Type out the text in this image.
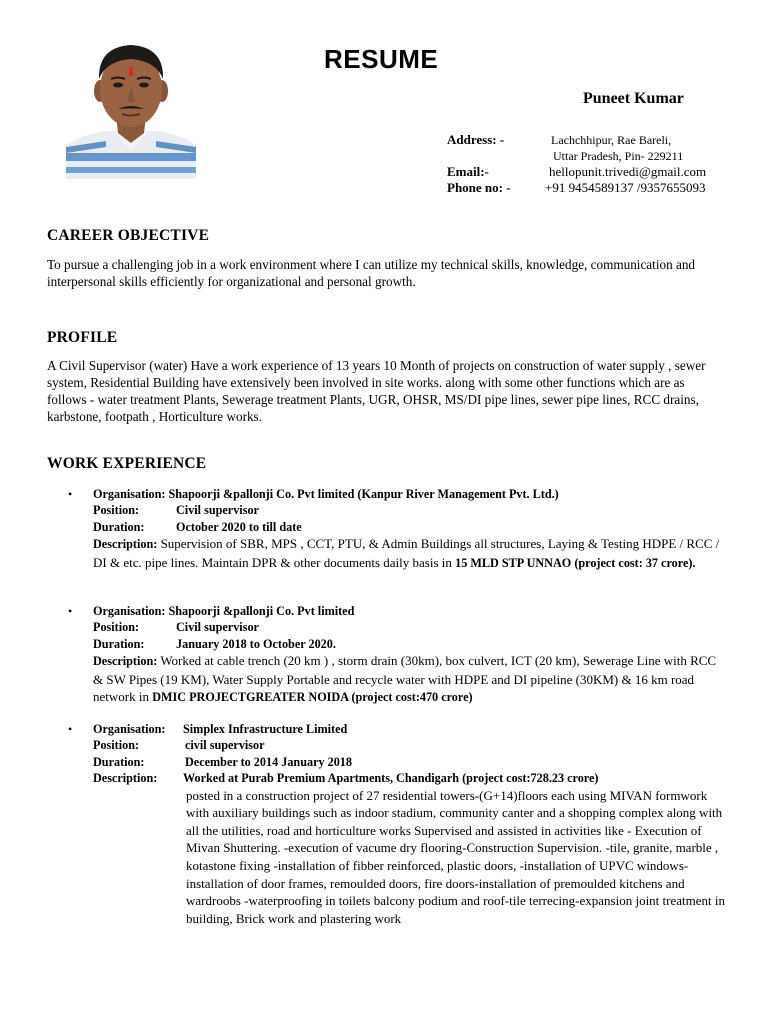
RESUME
Puneet Kumar
Address: -	Lachchhipur, Rae Bareli,
Uttar Pradesh, Pin- 229211
Email:-	hellopunit.trivedi@gmail.com
Phone no: -	+91 9454589137 /9357655093
CAREER OBJECTIVE
To pursue a challenging job in a work environment where I can utilize my technical skills, knowledge, communication and interpersonal skills efficiently for organizational and personal growth.
PROFILE
A Civil Supervisor (water) Have a work experience of 13 years 10 Month of projects on construction of water supply , sewer system, Residential Building have extensively been involved in site works. along with some other functions which are as follows - water treatment Plants, Sewerage treatment Plants, UGR, OHSR, MS/DI pipe lines, sewer pipe lines, RCC drains, karbstone, footpath , Horticulture works.
WORK EXPERIENCE
•	Organisation: Shapoorji &pallonji Co. Pvt limited (Kanpur River Management Pvt. Ltd.)
Position:	Civil supervisor
Duration:	October 2020 to till date
Description: Supervision of SBR, MPS , CCT, PTU, & Admin Buildings all structures, Laying & Testing HDPE / RCC / DI & etc. pipe lines. Maintain DPR & other documents daily basis in 15 MLD STP UNNAO (project cost: 37 crore).
•	Organisation: Shapoorji &pallonji Co. Pvt limited
Position:	Civil supervisor
Duration:	January 2018 to October 2020.
Description: Worked at cable trench (20 km ) , storm drain (30km), box culvert, ICT (20 km), Sewerage Line with RCC & SW Pipes (19 KM), Water Supply Portable and recycle water with HDPE and DI pipeline (30KM) & 16 km road network in DMIC PROJECTGREATER NOIDA (project cost:470 crore)
•	Organisation: Simplex Infrastructure Limited
Position:	civil supervisor
Duration:	December to 2014 January 2018
Description: Worked at Purab Premium Apartments, Chandigarh (project cost:728.23 crore)
posted in a construction project of 27 residential towers-(G+14)floors each using MIVAN formwork with auxiliary buildings such as indoor stadium, community canter and a shopping complex along with all the utilities, road and horticulture works Supervised and assisted in activities like - Execution of Mivan Shuttering. -execution of vacume dry flooring-Construction Supervision. -tile, granite, marble , kotastone fixing -installation of fibber reinforced, plastic doors, -installation of UPVC windows-installation of door frames, remoulded doors, fire doors-installation of premoulded kitchens and wardroobs -waterproofing in toilets balcony podium and roof-tile terrecing-expansion joint treatment in building, Brick work and plastering work
